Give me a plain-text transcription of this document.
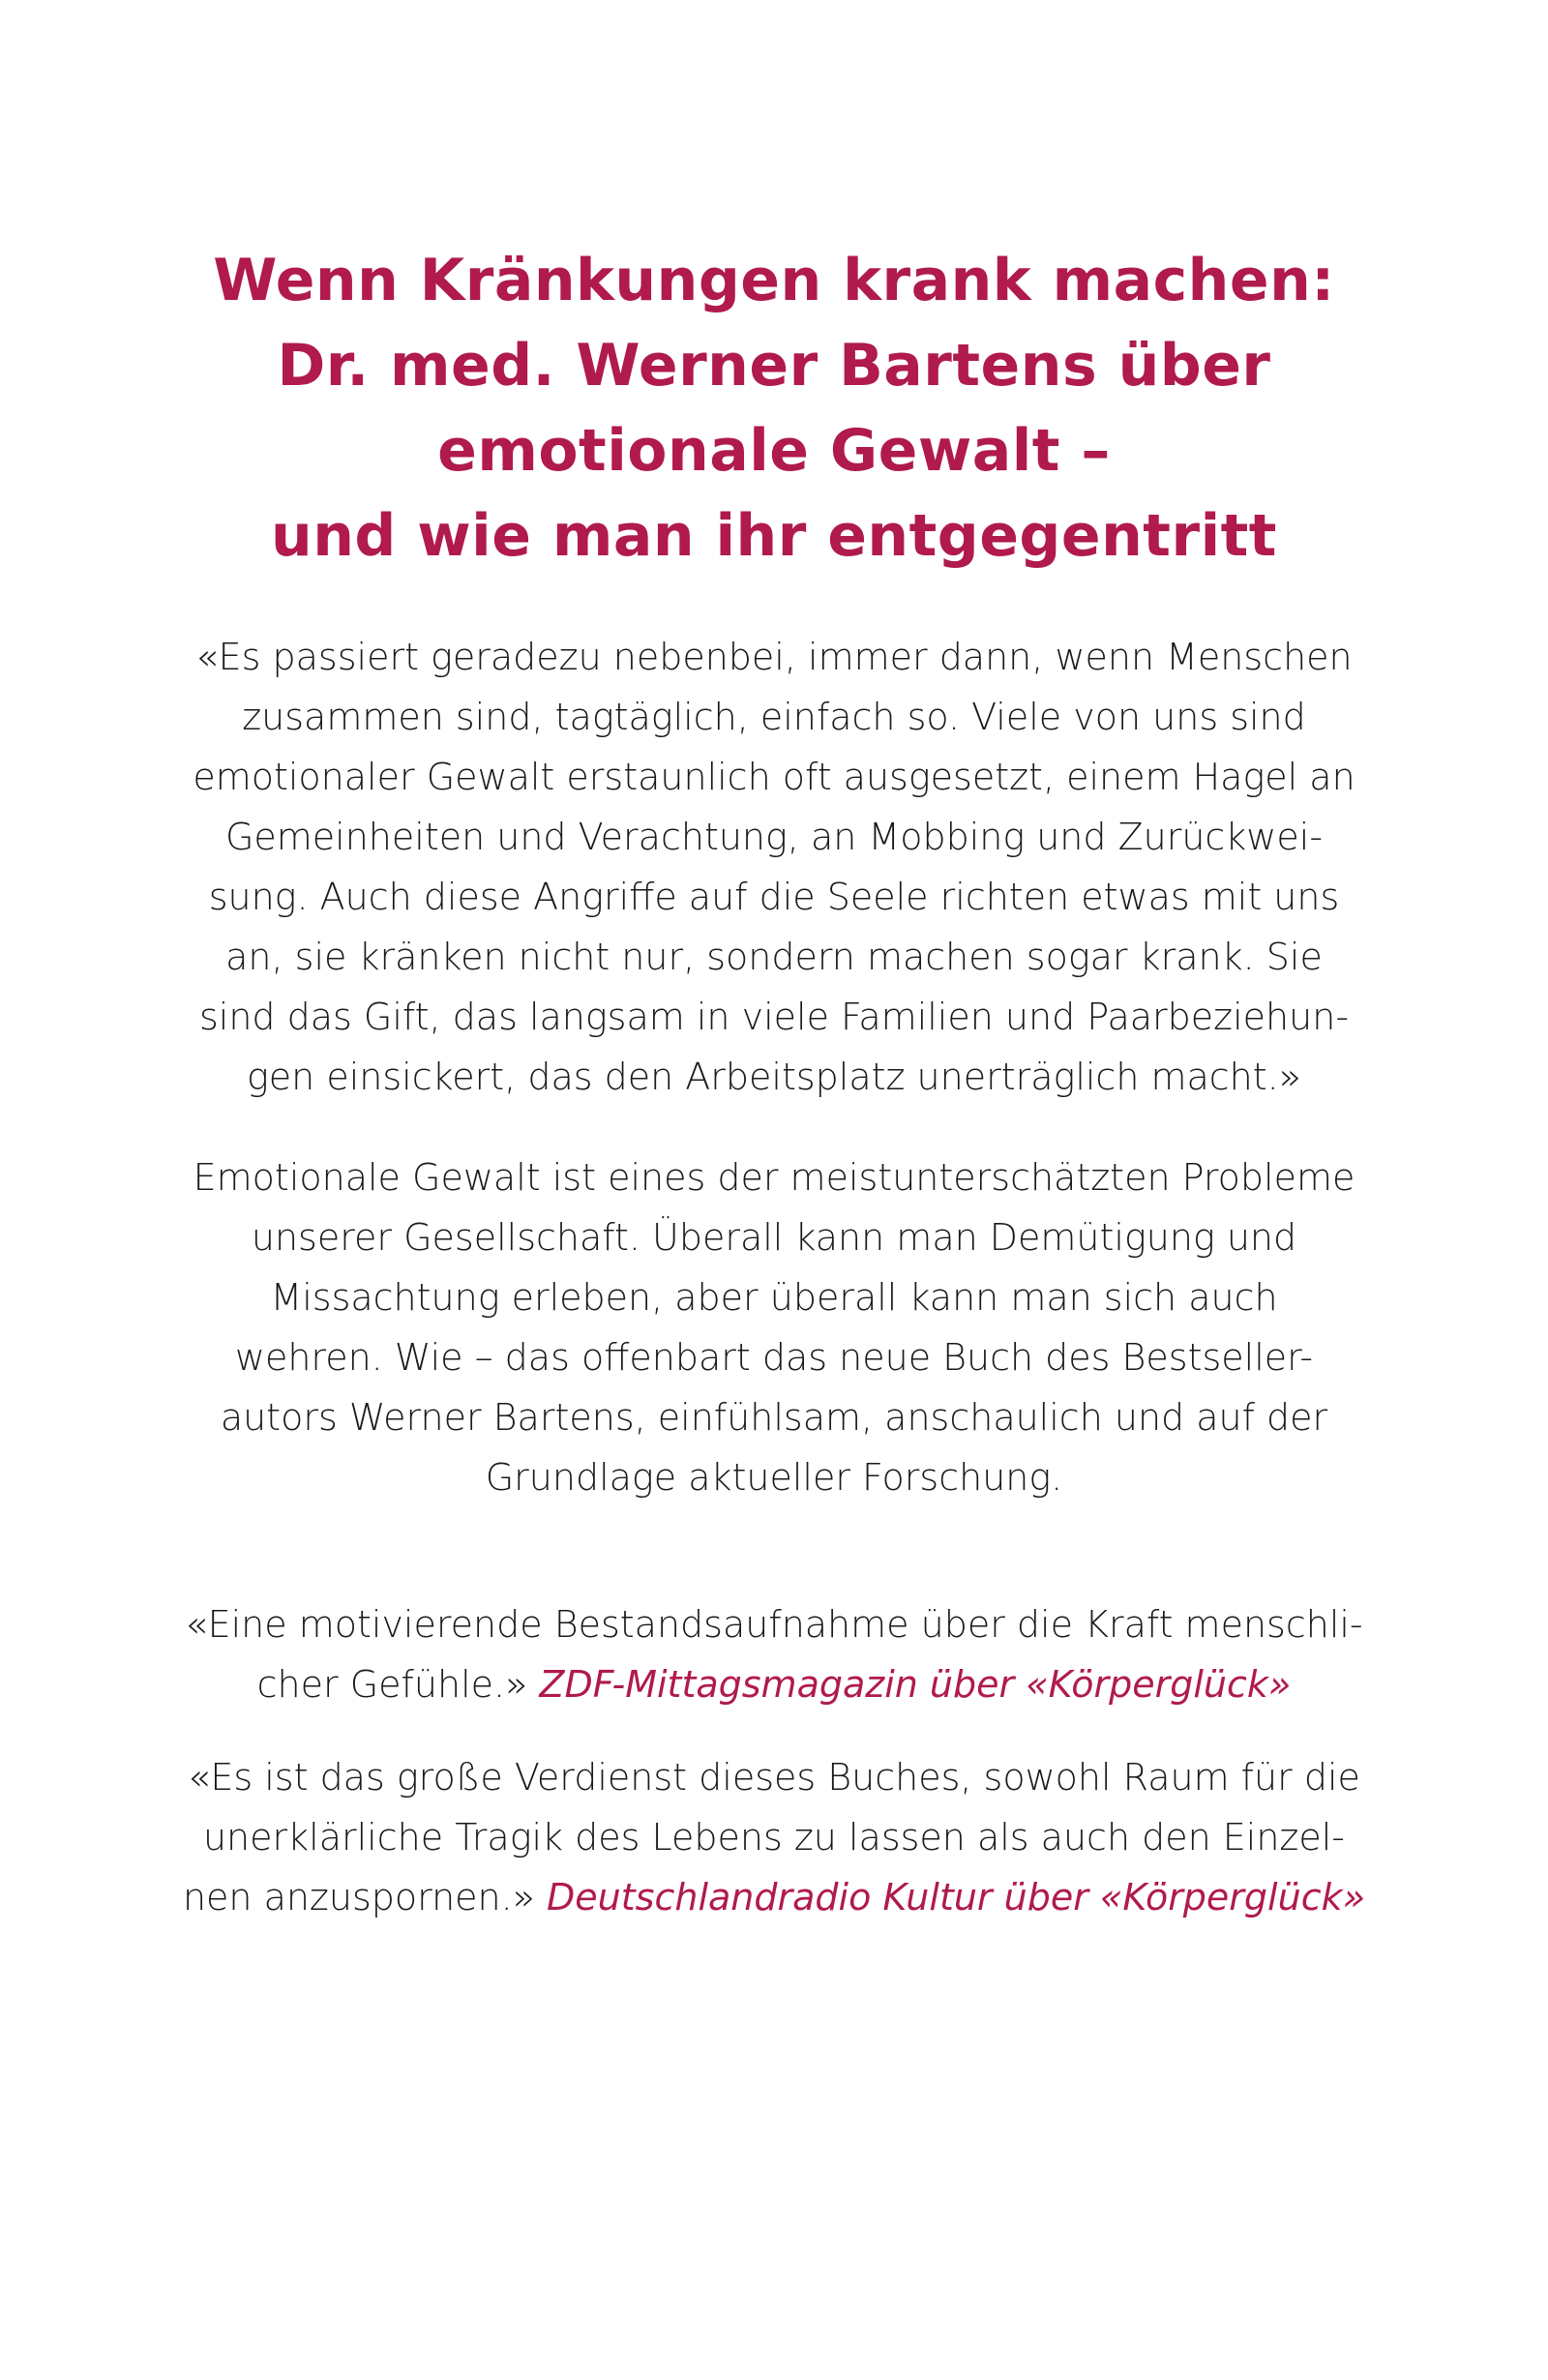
Wenn Kränkungen krank machen:
Dr. med. Werner Bartens über
emotionale Gewalt –
und wie man ihr entgegentritt

«Es passiert geradezu nebenbei, immer dann, wenn Menschen
zusammen sind, tagtäglich, einfach so. Viele von uns sind
emotionaler Gewalt erstaunlich oft ausgesetzt, einem Hagel an
Gemeinheiten und Verachtung, an Mobbing und Zurückwei-
sung. Auch diese Angriffe auf die Seele richten etwas mit uns
an, sie kränken nicht nur, sondern machen sogar krank. Sie
sind das Gift, das langsam in viele Familien und Paarbeziehun-
gen einsickert, das den Arbeitsplatz unerträglich macht.»

Emotionale Gewalt ist eines der meistunterschätzten Probleme
unserer Gesellschaft. Überall kann man Demütigung und
Missachtung erleben, aber überall kann man sich auch
wehren. Wie – das offenbart das neue Buch des Bestseller-
autors Werner Bartens, einfühlsam, anschaulich und auf der
Grundlage aktueller Forschung.

«Eine motivierende Bestandsaufnahme über die Kraft menschli-
cher Gefühle.» ZDF-Mittagsmagazin über «Körperglück»

«Es ist das große Verdienst dieses Buches, sowohl Raum für die
unerklärliche Tragik des Lebens zu lassen als auch den Einzel-
nen anzuspornen.» Deutschlandradio Kultur über «Körperglück»
